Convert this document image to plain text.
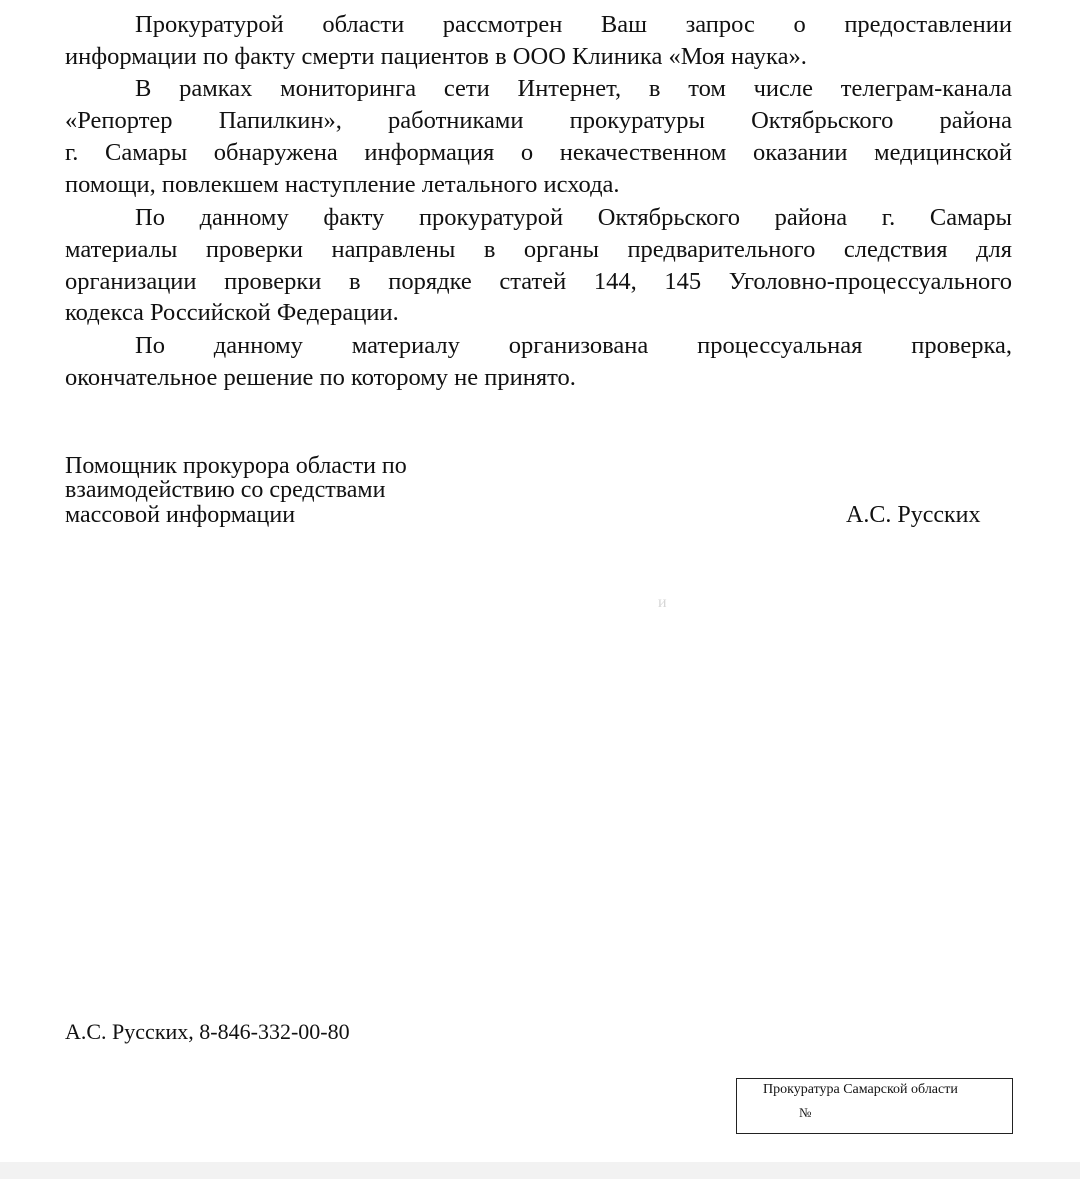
Прокуратурой области рассмотрен Ваш запрос о предоставлении
информации по факту смерти пациентов в ООО Клиника «Моя наука».
В рамках мониторинга сети Интернет, в том числе телеграм-канала
«Репортер Папилкин», работниками прокуратуры Октябрьского района
г. Самары обнаружена информация о некачественном оказании медицинской
помощи, повлекшем наступление летального исхода.
По данному факту прокуратурой Октябрьского района г. Самары
материалы проверки направлены в органы предварительного следствия для
организации проверки в порядке статей 144, 145 Уголовно-процессуального
кодекса Российской Федерации.
По данному материалу организована процессуальная проверка,
окончательное решение по которому не принято.
Помощник прокурора области по
взаимодействию со средствами
массовой информации	А.С. Русских
и
А.С. Русских, 8-846-332-00-80
Прокуратура Самарской области
№
